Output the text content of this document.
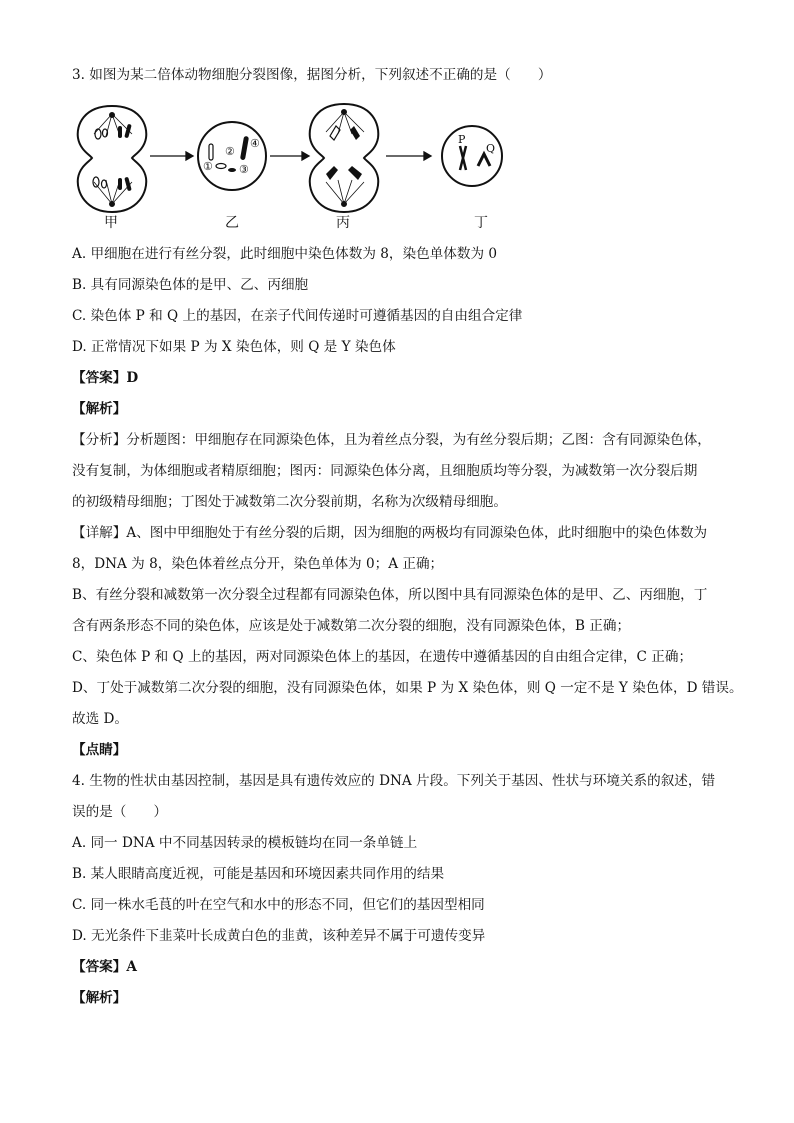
3. 如图为某二倍体动物细胞分裂图像，据图分析，下列叙述不正确的是（　　）
①
②
③
④	P
Q
甲	乙	丙	丁
A. 甲细胞在进行有丝分裂，此时细胞中染色体数为 8，染色单体数为 0
B. 具有同源染色体的是甲、乙、丙细胞
C. 染色体 P 和 Q 上的基因，在亲子代间传递时可遵循基因的自由组合定律
D. 正常情况下如果 P 为 X 染色体，则 Q 是 Y 染色体
【答案】D
【解析】
【分析】分析题图：甲细胞存在同源染色体，且为着丝点分裂，为有丝分裂后期；乙图：含有同源染色体，
没有复制，为体细胞或者精原细胞；图丙：同源染色体分离，且细胞质均等分裂，为减数第一次分裂后期
的初级精母细胞；丁图处于减数第二次分裂前期，名称为次级精母细胞。
【详解】A、图中甲细胞处于有丝分裂的后期，因为细胞的两极均有同源染色体，此时细胞中的染色体数为
8，DNA 为 8，染色体着丝点分开，染色单体为 0；A 正确；
B、有丝分裂和减数第一次分裂全过程都有同源染色体，所以图中具有同源染色体的是甲、乙、丙细胞，丁
含有两条形态不同的染色体，应该是处于减数第二次分裂的细胞，没有同源染色体，B 正确；
C、染色体 P 和 Q 上的基因，两对同源染色体上的基因，在遗传中遵循基因的自由组合定律，C 正确；
D、丁处于减数第二次分裂的细胞，没有同源染色体，如果 P 为 X 染色体，则 Q 一定不是 Y 染色体，D 错误。
故选 D。
【点睛】
4. 生物的性状由基因控制，基因是具有遗传效应的 DNA 片段。下列关于基因、性状与环境关系的叙述，错
误的是（　　）
A. 同一 DNA 中不同基因转录的模板链均在同一条单链上
B. 某人眼睛高度近视，可能是基因和环境因素共同作用的结果
C. 同一株水毛茛的叶在空气和水中的形态不同，但它们的基因型相同
D. 无光条件下韭菜叶长成黄白色的韭黄，该种差异不属于可遗传变异
【答案】A
【解析】
